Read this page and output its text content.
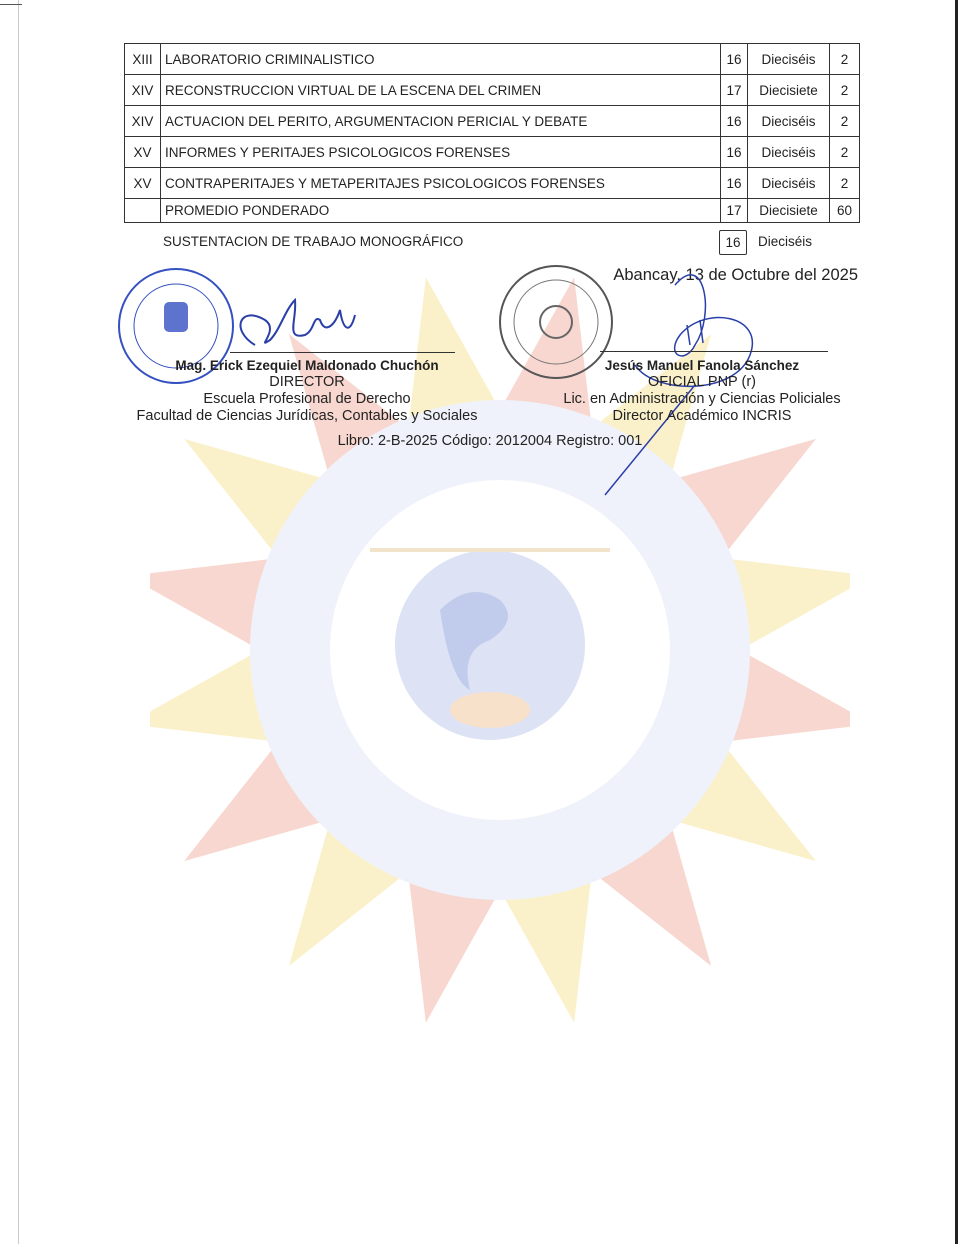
XIII	LABORATORIO CRIMINALISTICO	16	Dieciséis	2
XIV	RECONSTRUCCION VIRTUAL DE LA ESCENA DEL CRIMEN	17	Diecisiete	2
XIV	ACTUACION DEL PERITO, ARGUMENTACION PERICIAL Y DEBATE	16	Dieciséis	2
XV	INFORMES Y PERITAJES PSICOLOGICOS FORENSES	16	Dieciséis	2
XV	CONTRAPERITAJES Y METAPERITAJES PSICOLOGICOS FORENSES	16	Dieciséis	2
	PROMEDIO PONDERADO	17	Diecisiete	60
SUSTENTACION DE TRABAJO MONOGRÁFICO	16	Dieciséis
Abancay, 13 de Octubre del 2025
Mag. Erick Ezequiel Maldonado Chuchón
DIRECTOR
Escuela Profesional de Derecho
Facultad de Ciencias Jurídicas, Contables y Sociales
Jesús Manuel Fanola Sánchez
OFICIAL PNP (r)
Lic. en Administración y Ciencias Policiales
Director Académico INCRIS
Libro: 2-B-2025 Código: 2012004 Registro: 001
